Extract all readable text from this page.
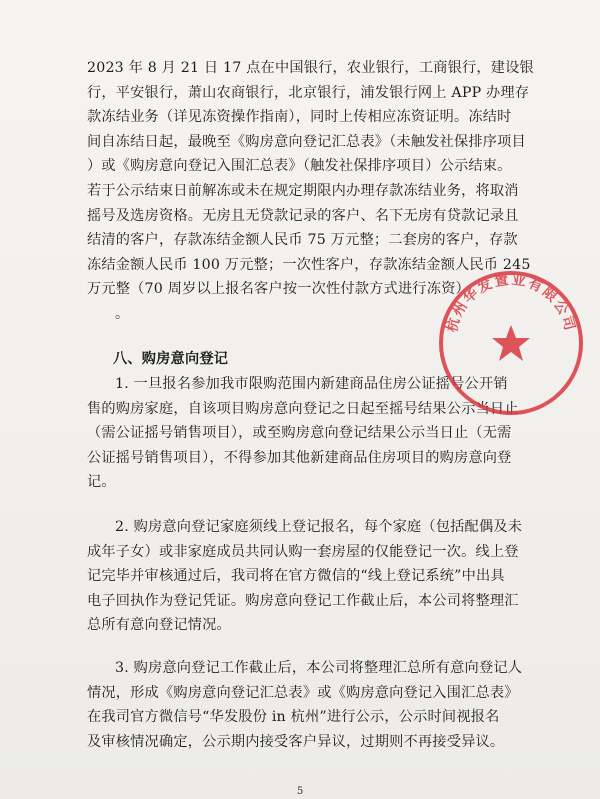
2023 年 8 月 21 日 17 点在中国银行，农业银行，工商银行，建设银
行，平安银行，萧山农商银行，北京银行，浦发银行网上 APP 办理存
款冻结业务（详见冻资操作指南），同时上传相应冻资证明。冻结时
间自冻结日起，最晚至《购房意向登记汇总表》（未触发社保排序项目
）或《购房意向登记入围汇总表》（触发社保排序项目）公示结束。
若于公示结束日前解冻或未在规定期限内办理存款冻结业务，将取消
摇号及选房资格。无房且无贷款记录的客户、名下无房有贷款记录且
结清的客户，存款冻结金额人民币 75 万元整；二套房的客户，存款
冻结金额人民币 100 万元整；一次性客户，存款冻结金额人民币 245
万元整（70 周岁以上报名客户按一次性付款方式进行冻资）
。
八、购房意向登记
1. 一旦报名参加我市限购范围内新建商品住房公证摇号公开销
售的购房家庭，自该项目购房意向登记之日起至摇号结果公示当日止
（需公证摇号销售项目），或至购房意向登记结果公示当日止（无需
公证摇号销售项目），不得参加其他新建商品住房项目的购房意向登
记。
2. 购房意向登记家庭须线上登记报名，每个家庭（包括配偶及未
成年子女）或非家庭成员共同认购一套房屋的仅能登记一次。线上登
记完毕并审核通过后，我司将在官方微信的“线上登记系统”中出具
电子回执作为登记凭证。购房意向登记工作截止后，本公司将整理汇
总所有意向登记情况。
3. 购房意向登记工作截止后，本公司将整理汇总所有意向登记人
情况，形成《购房意向登记汇总表》或《购房意向登记入围汇总表》
在我司官方微信号“华发股份 in 杭州”进行公示，公示时间视报名
及审核情况确定，公示期内接受客户异议，过期则不再接受异议。
杭州华发置业有限公司
5
